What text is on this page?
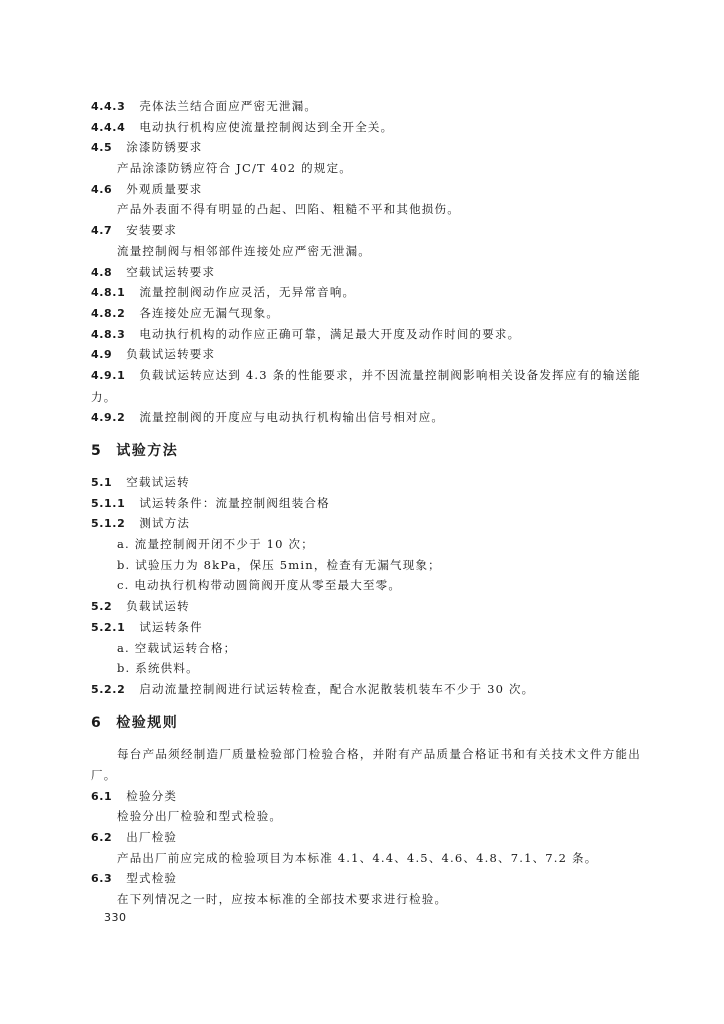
4.4.3 壳体法兰结合面应严密无泄漏。
4.4.4 电动执行机构应使流量控制阀达到全开全关。
4.5 涂漆防锈要求
产品涂漆防锈应符合 JC/T 402 的规定。
4.6 外观质量要求
产品外表面不得有明显的凸起、凹陷、粗糙不平和其他损伤。
4.7 安装要求
流量控制阀与相邻部件连接处应严密无泄漏。
4.8 空载试运转要求
4.8.1 流量控制阀动作应灵活，无异常音响。
4.8.2 各连接处应无漏气现象。
4.8.3 电动执行机构的动作应正确可靠，满足最大开度及动作时间的要求。
4.9 负载试运转要求
4.9.1 负载试运转应达到 4.3 条的性能要求，并不因流量控制阀影响相关设备发挥应有的输送能力。
4.9.2 流量控制阀的开度应与电动执行机构输出信号相对应。
5 试验方法
5.1 空载试运转
5.1.1 试运转条件：流量控制阀组装合格
5.1.2 测试方法
a. 流量控制阀开闭不少于 10 次；
b. 试验压力为 8kPa，保压 5min，检查有无漏气现象；
c. 电动执行机构带动圆筒阀开度从零至最大至零。
5.2 负载试运转
5.2.1 试运转条件
a. 空载试运转合格；
b. 系统供料。
5.2.2 启动流量控制阀进行试运转检查，配合水泥散装机装车不少于 30 次。
6 检验规则
每台产品须经制造厂质量检验部门检验合格，并附有产品质量合格证书和有关技术文件方能出厂。
6.1 检验分类
检验分出厂检验和型式检验。
6.2 出厂检验
产品出厂前应完成的检验项目为本标准 4.1、4.4、4.5、4.6、4.8、7.1、7.2 条。
6.3 型式检验
在下列情况之一时，应按本标准的全部技术要求进行检验。
330
